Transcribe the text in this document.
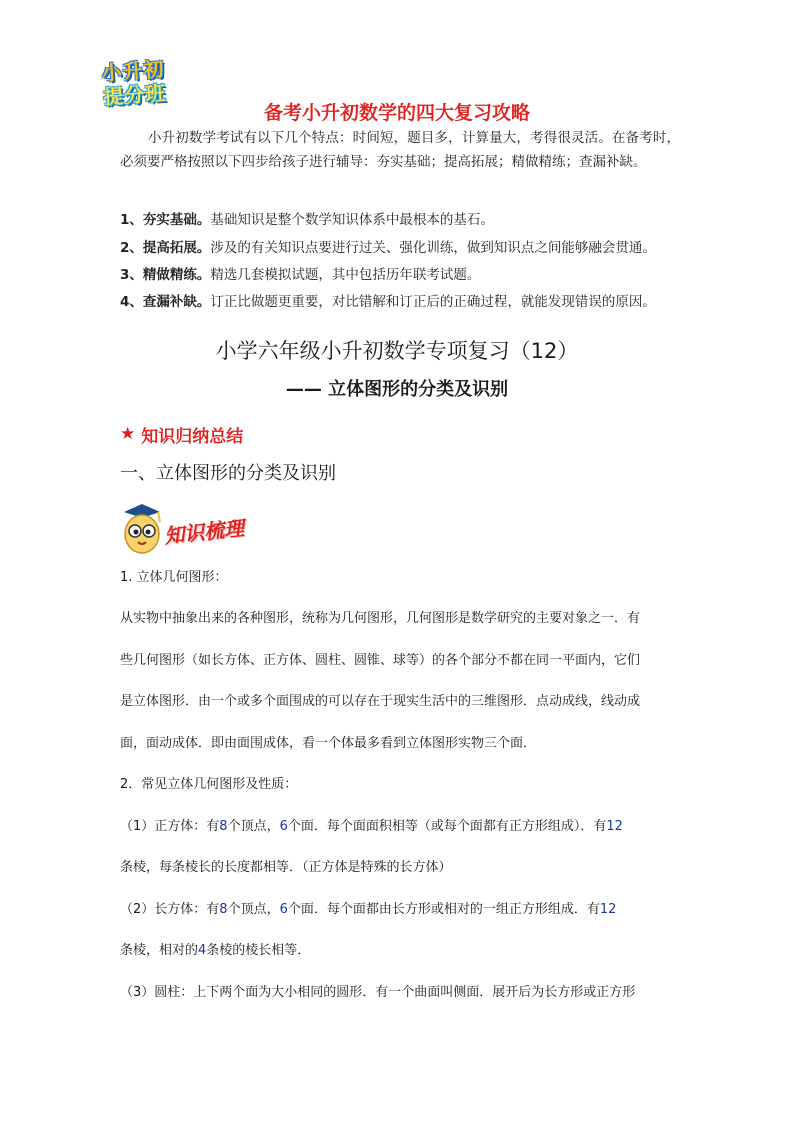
小升初
提分班
备考小升初数学的四大复习攻略
小升初数学考试有以下几个特点：时间短，题目多，计算量大，考得很灵活。在备考时，必须要严格按照以下四步给孩子进行辅导：夯实基础；提高拓展；精做精练；查漏补缺。
1、夯实基础。基础知识是整个数学知识体系中最根本的基石。
2、提高拓展。涉及的有关知识点要进行过关、强化训练，做到知识点之间能够融会贯通。
3、精做精练。精选几套模拟试题，其中包括历年联考试题。
4、查漏补缺。订正比做题更重要，对比错解和订正后的正确过程，就能发现错误的原因。
小学六年级小升初数学专项复习（12）
—— 立体图形的分类及识别
★ 知识归纳总结
一、立体图形的分类及识别
知识梳理
1. 立体几何图形：
从实物中抽象出来的各种图形，统称为几何图形，几何图形是数学研究的主要对象之一．有
些几何图形（如长方体、正方体、圆柱、圆锥、球等）的各个部分不都在同一平面内，它们
是立体图形．由一个或多个面围成的可以存在于现实生活中的三维图形．点动成线，线动成
面，面动成体．即由面围成体，看一个体最多看到立体图形实物三个面．
2．常见立体几何图形及性质：
（1）正方体：有8个顶点，6个面．每个面面积相等（或每个面都有正方形组成）．有12
条棱，每条棱长的长度都相等．（正方体是特殊的长方体）
（2）长方体：有8个顶点，6个面．每个面都由长方形或相对的一组正方形组成．有12
条棱，相对的4条棱的棱长相等．
（3）圆柱：上下两个面为大小相同的圆形．有一个曲面叫侧面．展开后为长方形或正方形
